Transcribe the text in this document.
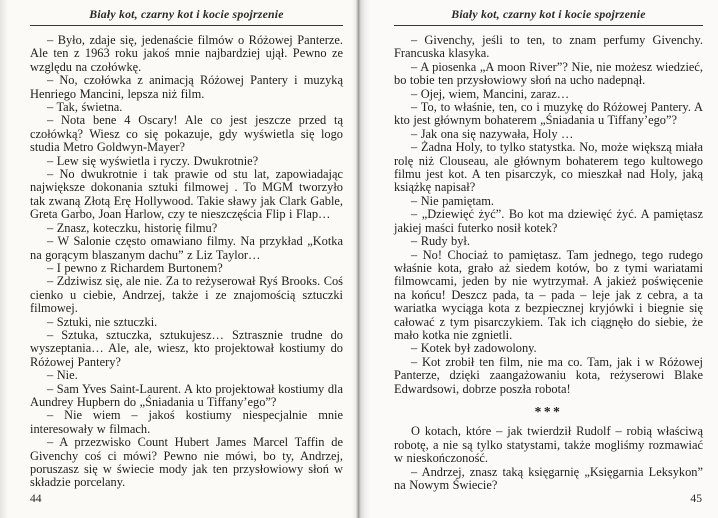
Biały kot, czarny kot i kocie spojrzenie

– Było, zdaje się, jedenaście filmów o Różowej Panterze. Ale ten z 1963 roku jakoś mnie najbardziej ujął. Pewno ze względu na czołówkę.

– No, czołówka z animacją Różowej Pantery i muzyką Henriego Mancini, lepsza niż film.

– Tak, świetna.

– Nota bene 4 Oscary! Ale co jest jeszcze przed tą czołówką? Wiesz co się pokazuje, gdy wyświetla się logo studia Metro Goldwyn-Mayer?

– Lew się wyświetla i ryczy. Dwukrotnie?

– No dwukrotnie i tak prawie od stu lat, zapowiadając największe dokonania sztuki filmowej . To MGM tworzyło tak zwaną Złotą Erę Hollywood. Takie sławy jak Clark Gable, Greta Garbo, Joan Harlow, czy te nieszczęścia Flip i Flap…

– Znasz, koteczku, historię filmu?

– W Salonie często omawiano filmy. Na przykład „Kotka na gorącym blaszanym dachu” z Liz Taylor…

– I pewno z Richardem Burtonem?

– Zdziwisz się, ale nie. Za to reżyserował Ryś Brooks. Coś cienko u ciebie, Andrzej, także i ze znajomością sztuczki filmowej.

– Sztuki, nie sztuczki.

– Sztuka, sztuczka, sztukujesz… Sztrasznie trudne do wyszeptania… Ale, ale, wiesz, kto projektował kostiumy do Różowej Pantery?

– Nie.

– Sam Yves Saint-Laurent. A kto projektował kostiumy dla Aundrey Hupbern do „Śniadania u Tiffany’ego”?

– Nie wiem – jakoś kostiumy niespecjalnie mnie interesowały w filmach.

– A przezwisko Count Hubert James Marcel Taffin de Givenchy coś ci mówi? Pewno nie mówi, bo ty, Andrzej, poruszasz się w świecie mody jak ten przysłowiowy słoń w składzie porcelany.

44
Biały kot, czarny kot i kocie spojrzenie

– Givenchy, jeśli to ten, to znam perfumy Givenchy. Francuska klasyka.

– A piosenka „A moon River”? Nie, nie możesz wiedzieć, bo tobie ten przysłowiowy słoń na ucho nadepnął.

– Ojej, wiem, Mancini, zaraz…

– To, to właśnie, ten, co i muzykę do Różowej Pantery. A kto jest głównym bohaterem „Śniadania u Tiffany’ego”?

– Jak ona się nazywała, Holy …

– Żadna Holy, to tylko statystka. No, może większą miała rolę niż Clouseau, ale głównym bohaterem tego kultowego filmu jest kot. A ten pisarczyk, co mieszkał nad Holy, jaką książkę napisał?

– Nie pamiętam.

– „Dziewięć żyć”. Bo kot ma dziewięć żyć. A pamiętasz jakiej maści futerko nosił kotek?

– Rudy był.

– No! Chociaż to pamiętasz. Tam jednego, tego rudego właśnie kota, grało aż siedem kotów, bo z tymi wariatami filmowcami, jeden by nie wytrzymał. A jakież poświęcenie na końcu! Deszcz pada, ta – pada – leje jak z cebra, a ta wariatka wyciąga kota z bezpiecznej kryjówki i biegnie się całować z tym pisarczykiem. Tak ich ciągnęło do siebie, że mało kotka nie zgnietli.

– Kotek był zadowolony.

– Kot zrobił ten film, nie ma co. Tam, jak i w Różowej Panterze, dzięki zaangażowaniu kota, reżyserowi Blake Edwardsowi, dobrze poszła robota!

***

O kotach, które – jak twierdził Rudolf – robią właściwą robotę, a nie są tylko statystami, także mogliśmy rozmawiać w nieskończoność.

– Andrzej, znasz taką księgarnię „Księgarnia Leksykon” na Nowym Świecie?

45
